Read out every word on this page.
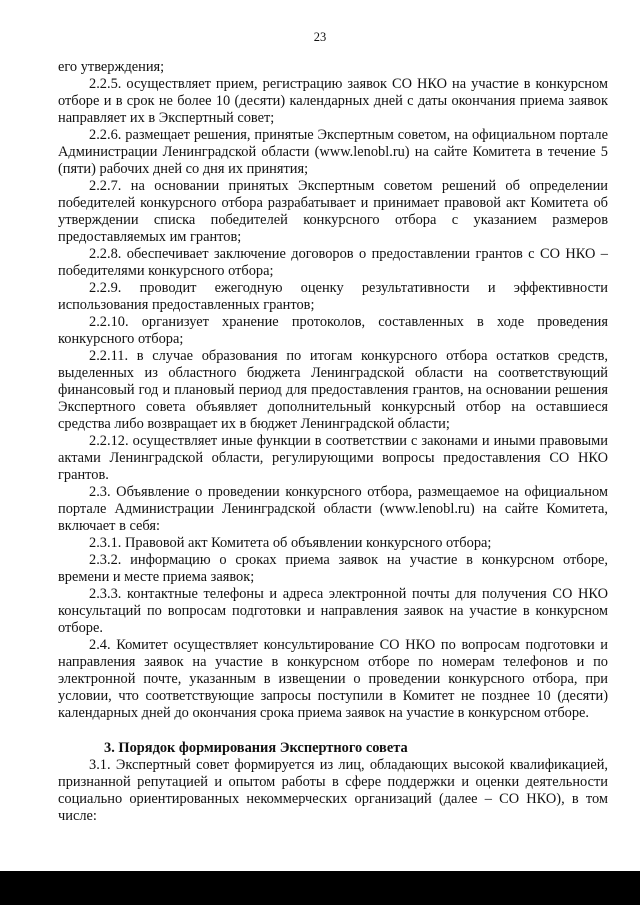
23

его утверждения;

2.2.5. осуществляет прием, регистрацию заявок СО НКО на участие в конкурсном отборе и в срок не более 10 (десяти) календарных дней с даты окончания приема заявок направляет их в Экспертный совет;

2.2.6. размещает решения, принятые Экспертным советом, на официальном портале Администрации Ленинградской области (www.lenobl.ru) на сайте Комитета в течение 5 (пяти) рабочих дней со дня их принятия;

2.2.7. на основании принятых Экспертным советом решений об определении победителей конкурсного отбора разрабатывает и принимает правовой акт Комитета об утверждении списка победителей конкурсного отбора с указанием размеров предоставляемых им грантов;

2.2.8. обеспечивает заключение договоров о предоставлении грантов с СО НКО – победителями конкурсного отбора;

2.2.9. проводит ежегодную оценку результативности и эффективности использования предоставленных грантов;

2.2.10. организует хранение протоколов, составленных в ходе проведения конкурсного отбора;

2.2.11. в случае образования по итогам конкурсного отбора остатков средств, выделенных из областного бюджета Ленинградской области на соответствующий финансовый год и плановый период для предоставления грантов, на основании решения Экспертного совета объявляет дополнительный конкурсный отбор на оставшиеся средства либо возвращает их в бюджет Ленинградской области;

2.2.12. осуществляет иные функции в соответствии с законами и иными правовыми актами Ленинградской области, регулирующими вопросы предоставления СО НКО грантов.

2.3. Объявление о проведении конкурсного отбора, размещаемое на официальном портале Администрации Ленинградской области (www.lenobl.ru) на сайте Комитета, включает в себя:

2.3.1. Правовой акт Комитета об объявлении конкурсного отбора;

2.3.2. информацию о сроках приема заявок на участие в конкурсном отборе, времени и месте приема заявок;

2.3.3. контактные телефоны и адреса электронной почты для получения СО НКО консультаций по вопросам подготовки и направления заявок на участие в конкурсном отборе.

2.4. Комитет осуществляет консультирование СО НКО по вопросам подготовки и направления заявок на участие в конкурсном отборе по номерам телефонов и по электронной почте, указанным в извещении о проведении конкурсного отбора, при условии, что соответствующие запросы поступили в Комитет не позднее 10 (десяти) календарных дней до окончания срока приема заявок на участие в конкурсном отборе.

3. Порядок формирования Экспертного совета

3.1. Экспертный совет формируется из лиц, обладающих высокой квалификацией, признанной репутацией и опытом работы в сфере поддержки и оценки деятельности социально ориентированных некоммерческих организаций (далее – СО НКО), в том числе:
